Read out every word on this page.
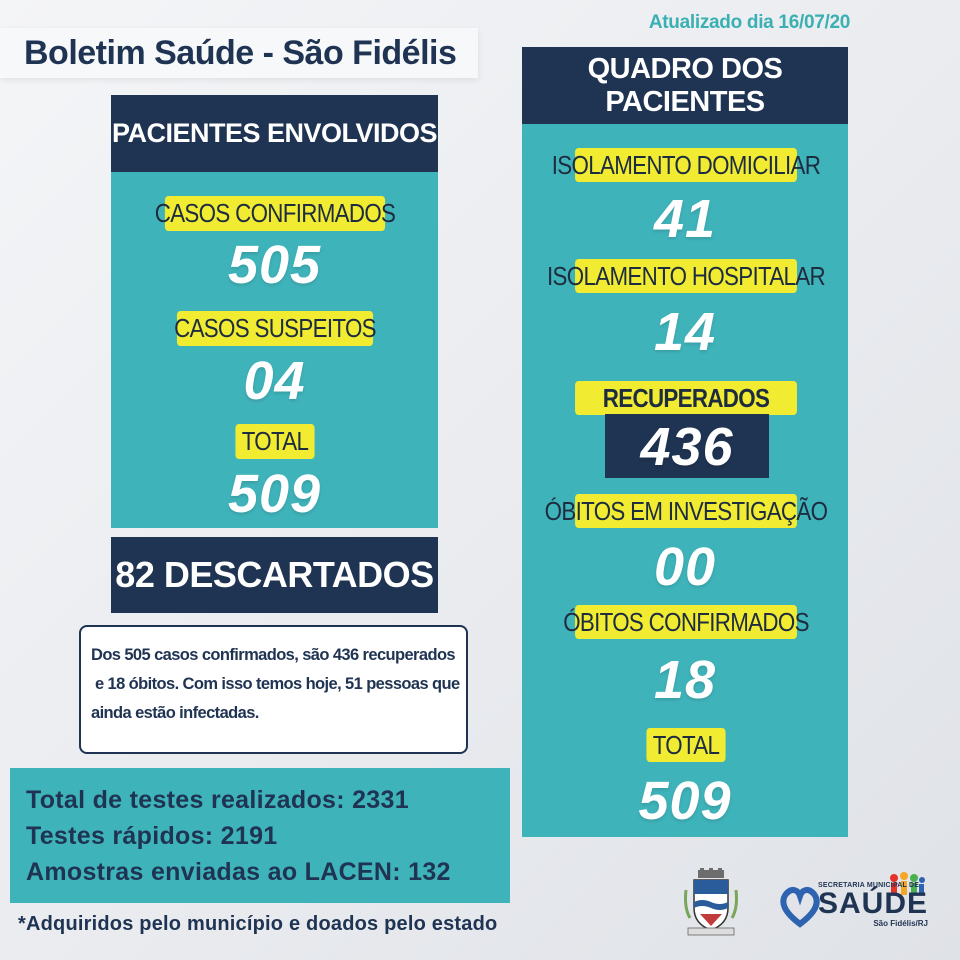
Boletim Saúde - São Fidélis
Atualizado dia 16/07/20
PACIENTES ENVOLVIDOS
CASOS CONFIRMADOS
505
CASOS SUSPEITOS
04
TOTAL
509
82 DESCARTADOS
Dos 505 casos confirmados, são 436 recuperados
e 18 óbitos. Com isso temos hoje, 51 pessoas que
ainda estão infectadas.
Total de testes realizados: 2331
Testes rápidos: 2191
Amostras enviadas ao LACEN: 132
*Adquiridos pelo município e doados pelo estado
QUADRO DOS PACIENTES
ISOLAMENTO DOMICILIAR
41
ISOLAMENTO HOSPITALAR
14
RECUPERADOS
ÓBITOS EM INVESTIGAÇÃO
00
ÓBITOS CONFIRMADOS
18
TOTAL
509
436
SECRETARIA MUNICIPAL DE
SAÚDE
São Fidélis/RJ
